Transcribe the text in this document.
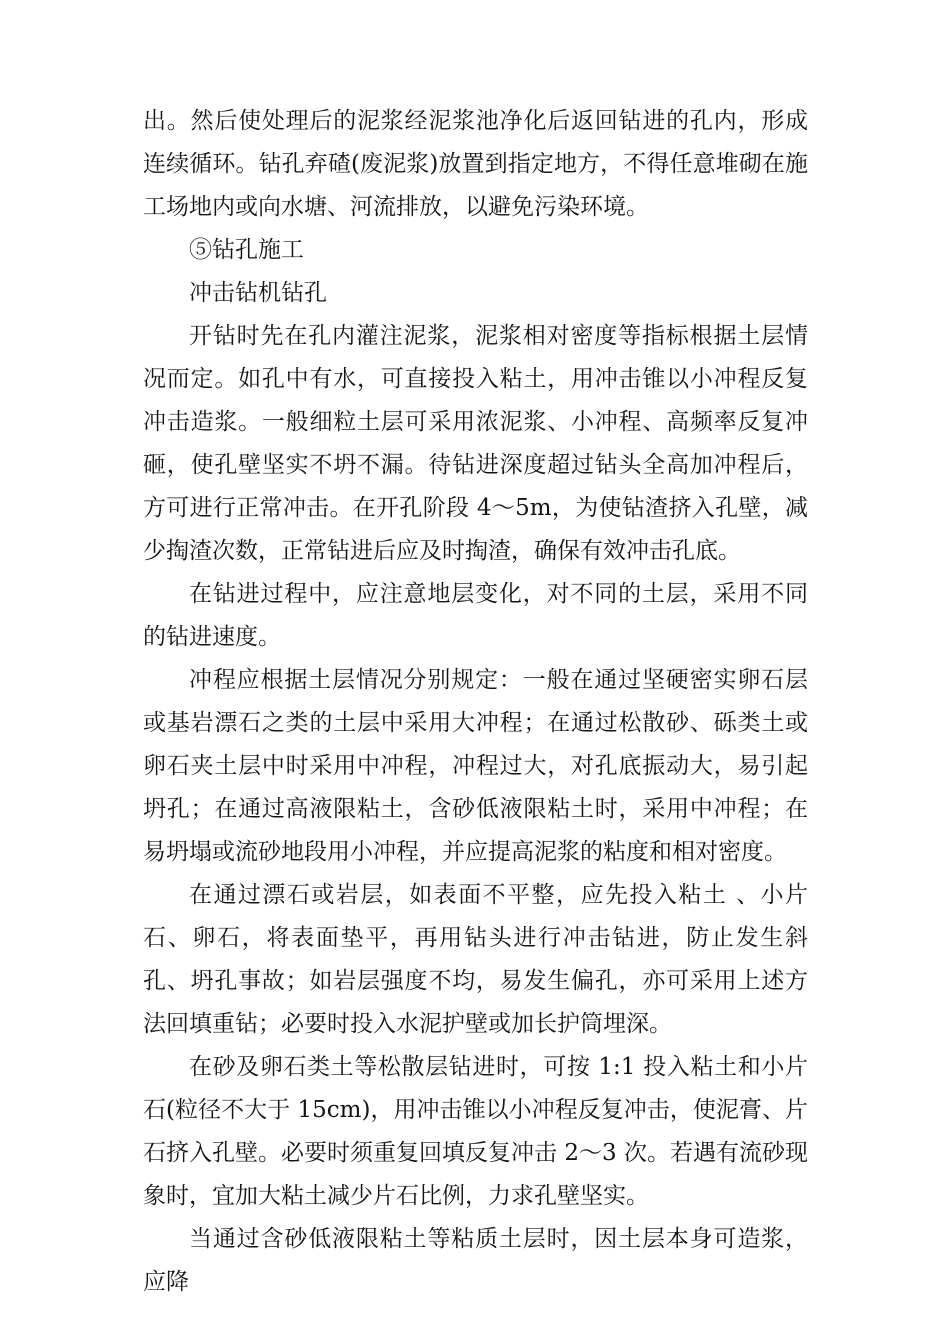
出。然后使处理后的泥浆经泥浆池净化后返回钻进的孔内，形成连续循环。钻孔弃碴(废泥浆)放置到指定地方，不得任意堆砌在施工场地内或向水塘、河流排放，以避免污染环境。

⑤钻孔施工

冲击钻机钻孔

开钻时先在孔内灌注泥浆，泥浆相对密度等指标根据土层情况而定。如孔中有水，可直接投入粘土，用冲击锥以小冲程反复冲击造浆。一般细粒土层可采用浓泥浆、小冲程、高频率反复冲砸，使孔壁坚实不坍不漏。待钻进深度超过钻头全高加冲程后，方可进行正常冲击。在开孔阶段 4～5m，为使钻渣挤入孔壁，减少掏渣次数，正常钻进后应及时掏渣，确保有效冲击孔底。

在钻进过程中，应注意地层变化，对不同的土层，采用不同的钻进速度。

冲程应根据土层情况分别规定：一般在通过坚硬密实卵石层或基岩漂石之类的土层中采用大冲程；在通过松散砂、砾类土或卵石夹土层中时采用中冲程，冲程过大，对孔底振动大，易引起坍孔；在通过高液限粘土，含砂低液限粘土时，采用中冲程；在易坍塌或流砂地段用小冲程，并应提高泥浆的粘度和相对密度。

在通过漂石或岩层，如表面不平整，应先投入粘土 、小片石、卵石，将表面垫平，再用钻头进行冲击钻进，防止发生斜孔、坍孔事故；如岩层强度不均，易发生偏孔，亦可采用上述方法回填重钻；必要时投入水泥护壁或加长护筒埋深。

在砂及卵石类土等松散层钻进时，可按 1:1 投入粘土和小片石(粒径不大于 15cm)，用冲击锥以小冲程反复冲击，使泥膏、片石挤入孔壁。必要时须重复回填反复冲击 2～3 次。若遇有流砂现象时，宜加大粘土减少片石比例，力求孔壁坚实。

当通过含砂低液限粘土等粘质土层时，因土层本身可造浆，应降
